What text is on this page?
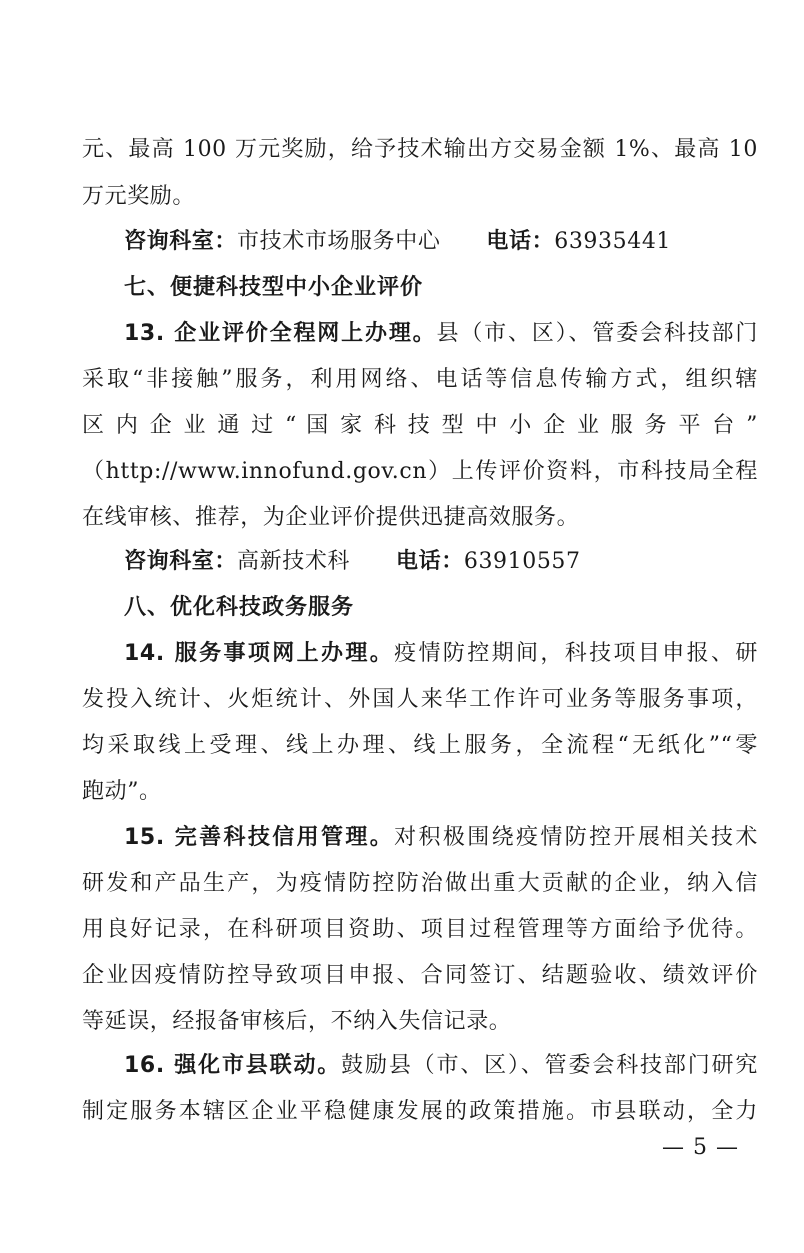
元、最高 100 万元奖励，给予技术输出方交易金额 1%、最高 10
万元奖励。
咨询科室：市技术市场服务中心 电话：63935441
七、便捷科技型中小企业评价
13. 企业评价全程网上办理。县（市、区）、管委会科技部门
采取“非接触”服务，利用网络、电话等信息传输方式，组织辖
区 内 企 业 通 过 “ 国 家 科 技 型 中 小 企 业 服 务 平 台 ”
（http://www.innofund.gov.cn）上传评价资料，市科技局全程
在线审核、推荐，为企业评价提供迅捷高效服务。
咨询科室：高新技术科 电话：63910557
八、优化科技政务服务
14. 服务事项网上办理。疫情防控期间，科技项目申报、研
发投入统计、火炬统计、外国人来华工作许可业务等服务事项，
均采取线上受理、线上办理、线上服务，全流程“无纸化”“零
跑动”。
15. 完善科技信用管理。对积极围绕疫情防控开展相关技术
研发和产品生产，为疫情防控防治做出重大贡献的企业，纳入信
用良好记录，在科研项目资助、项目过程管理等方面给予优待。
企业因疫情防控导致项目申报、合同签订、结题验收、绩效评价
等延误，经报备审核后，不纳入失信记录。
16. 强化市县联动。鼓励县（市、区）、管委会科技部门研究
制定服务本辖区企业平稳健康发展的政策措施。市县联动，全力
— 5 —
